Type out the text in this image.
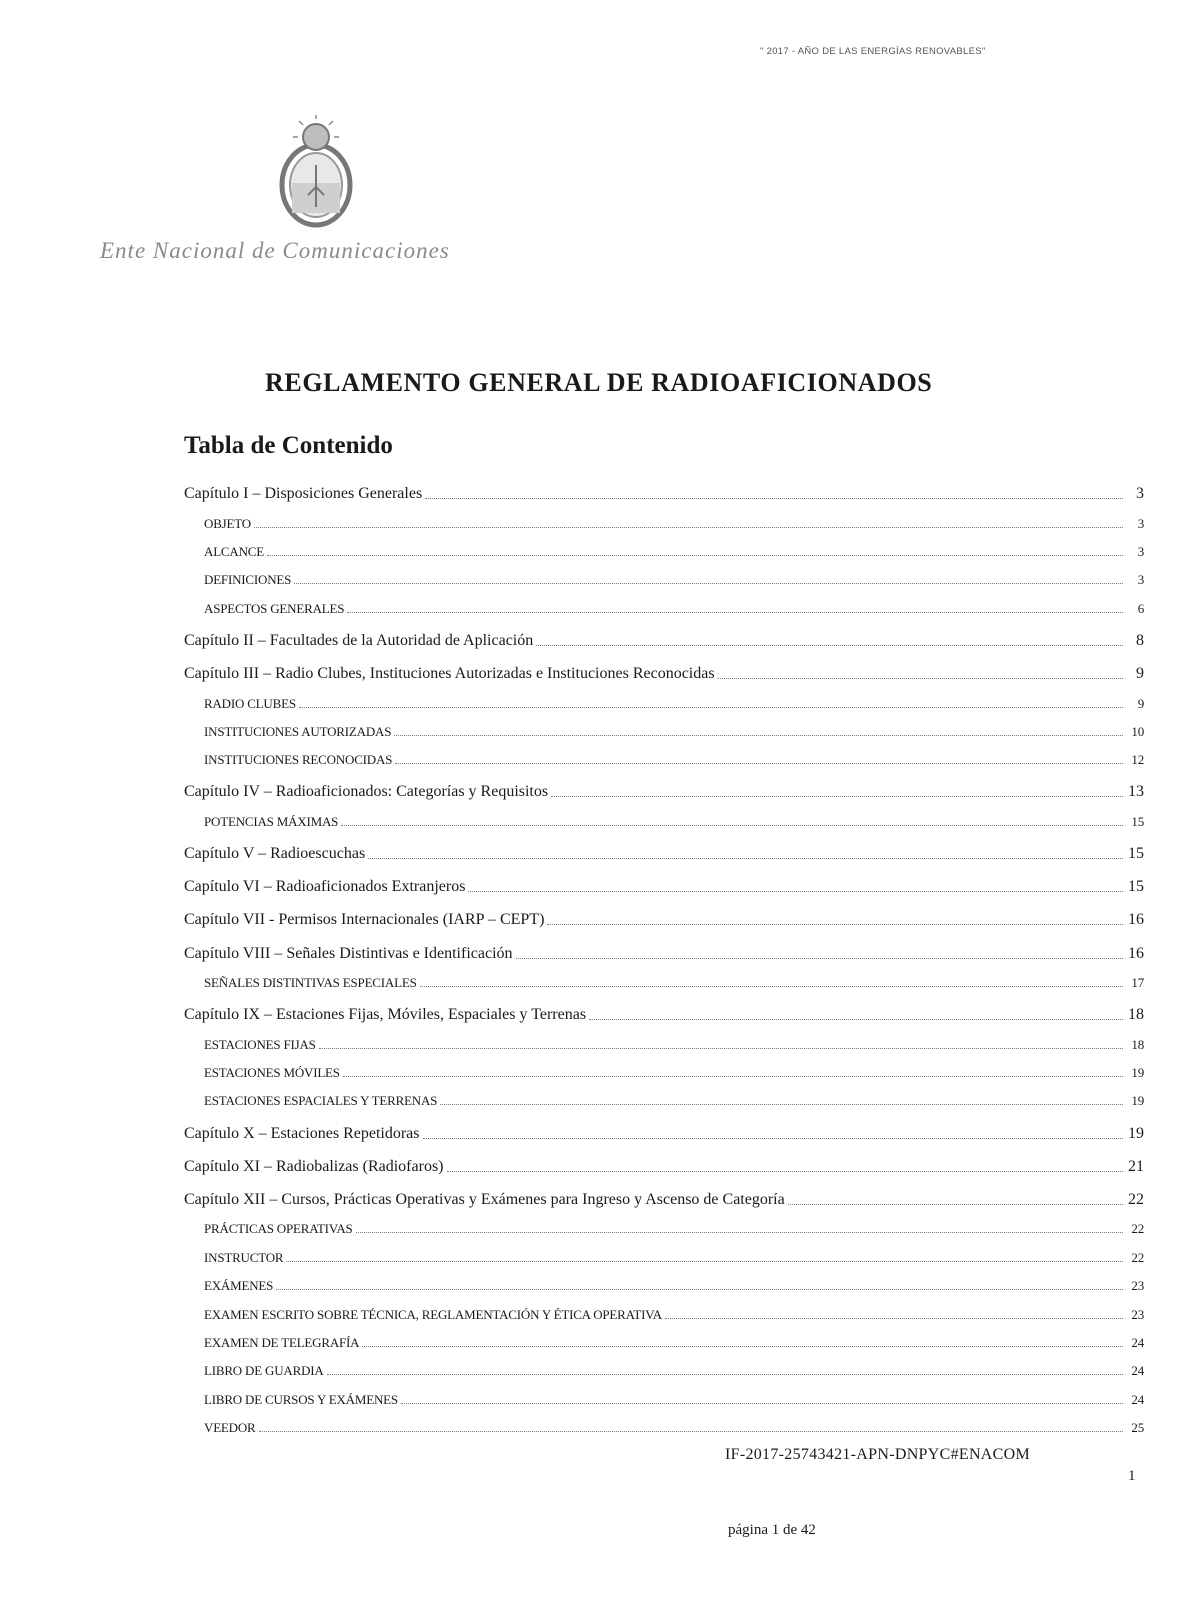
" 2017 - AÑO DE LAS ENERGÍAS RENOVABLES"
Ente Nacional de Comunicaciones
REGLAMENTO GENERAL DE RADIOAFICIONADOS
Tabla de Contenido
Capítulo I – Disposiciones Generales	3
OBJETO	3
ALCANCE	3
DEFINICIONES	3
ASPECTOS GENERALES	6
Capítulo II – Facultades de la Autoridad de Aplicación	8
Capítulo III – Radio Clubes, Instituciones Autorizadas e Instituciones Reconocidas	9
RADIO CLUBES	9
INSTITUCIONES AUTORIZADAS	10
INSTITUCIONES RECONOCIDAS	12
Capítulo IV – Radioaficionados: Categorías y Requisitos	13
POTENCIAS MÁXIMAS	15
Capítulo V – Radioescuchas	15
Capítulo VI – Radioaficionados Extranjeros	15
Capítulo VII - Permisos Internacionales (IARP – CEPT)	16
Capítulo VIII – Señales Distintivas e Identificación	16
SEÑALES DISTINTIVAS ESPECIALES	17
Capítulo IX – Estaciones Fijas, Móviles, Espaciales y Terrenas	18
ESTACIONES FIJAS	18
ESTACIONES MÓVILES	19
ESTACIONES ESPACIALES Y TERRENAS	19
Capítulo X – Estaciones Repetidoras	19
Capítulo XI – Radiobalizas (Radiofaros)	21
Capítulo XII – Cursos, Prácticas Operativas y Exámenes para Ingreso y Ascenso de Categoría	22
PRÁCTICAS OPERATIVAS	22
INSTRUCTOR	22
EXÁMENES	23
EXAMEN ESCRITO SOBRE TÉCNICA, REGLAMENTACIÓN Y ÉTICA OPERATIVA	23
EXAMEN DE TELEGRAFÍA	24
LIBRO DE GUARDIA	24
LIBRO DE CURSOS Y EXÁMENES	24
VEEDOR	25
IF-2017-25743421-APN-DNPYC#ENACOM
1
página 1 de 42
